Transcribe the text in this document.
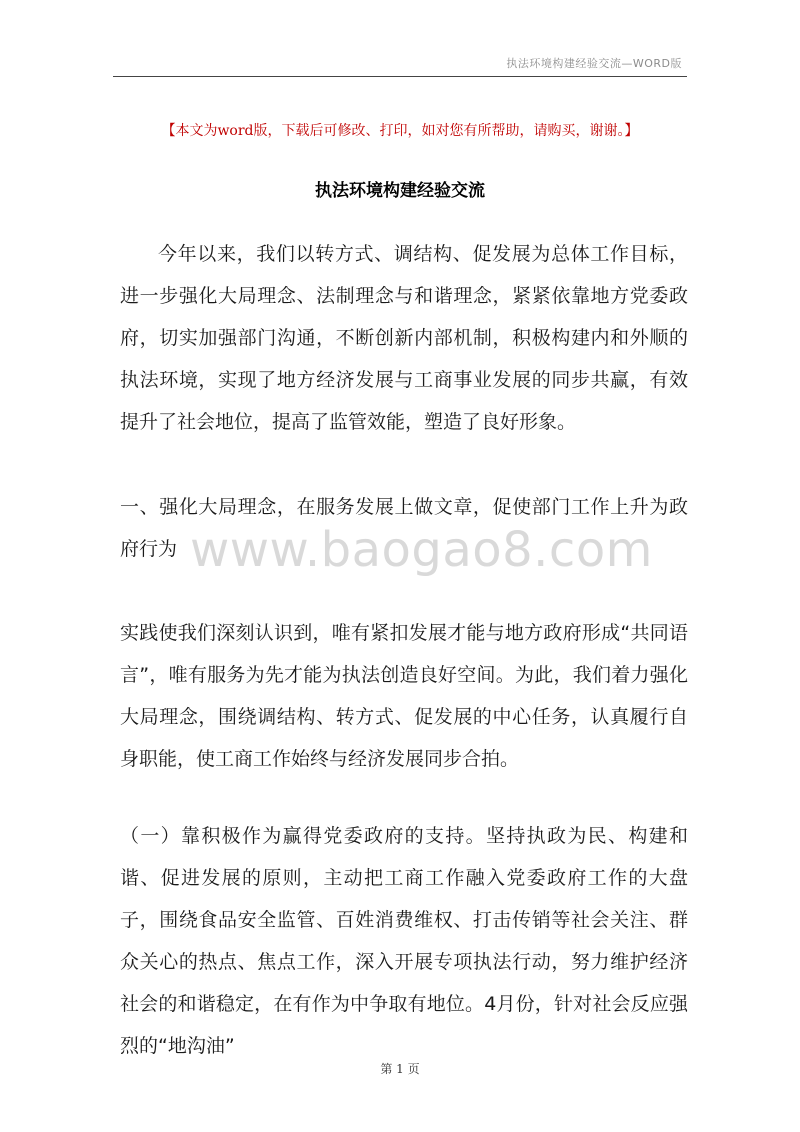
执法环境构建经验交流—WORD版
【本文为word版，下载后可修改、打印，如对您有所帮助，请购买，谢谢。】
执法环境构建经验交流

今年以来，我们以转方式、调结构、促发展为总体工作目标，进一步强化大局理念、法制理念与和谐理念，紧紧依靠地方党委政府，切实加强部门沟通，不断创新内部机制，积极构建内和外顺的执法环境，实现了地方经济发展与工商事业发展的同步共赢，有效提升了社会地位，提高了监管效能，塑造了良好形象。

一、强化大局理念，在服务发展上做文章，促使部门工作上升为政府行为 www.baogao8.com

实践使我们深刻认识到，唯有紧扣发展才能与地方政府形成“共同语言”，唯有服务为先才能为执法创造良好空间。为此，我们着力强化大局理念，围绕调结构、转方式、促发展的中心任务，认真履行自身职能，使工商工作始终与经济发展同步合拍。

（一）靠积极作为赢得党委政府的支持。坚持执政为民、构建和谐、促进发展的原则，主动把工商工作融入党委政府工作的大盘子，围绕食品安全监管、百姓消费维权、打击传销等社会关注、群众关心的热点、焦点工作，深入开展专项执法行动，努力维护经济社会的和谐稳定，在有作为中争取有地位。4月份，针对社会反应强烈的“地沟油”

第 1 页
